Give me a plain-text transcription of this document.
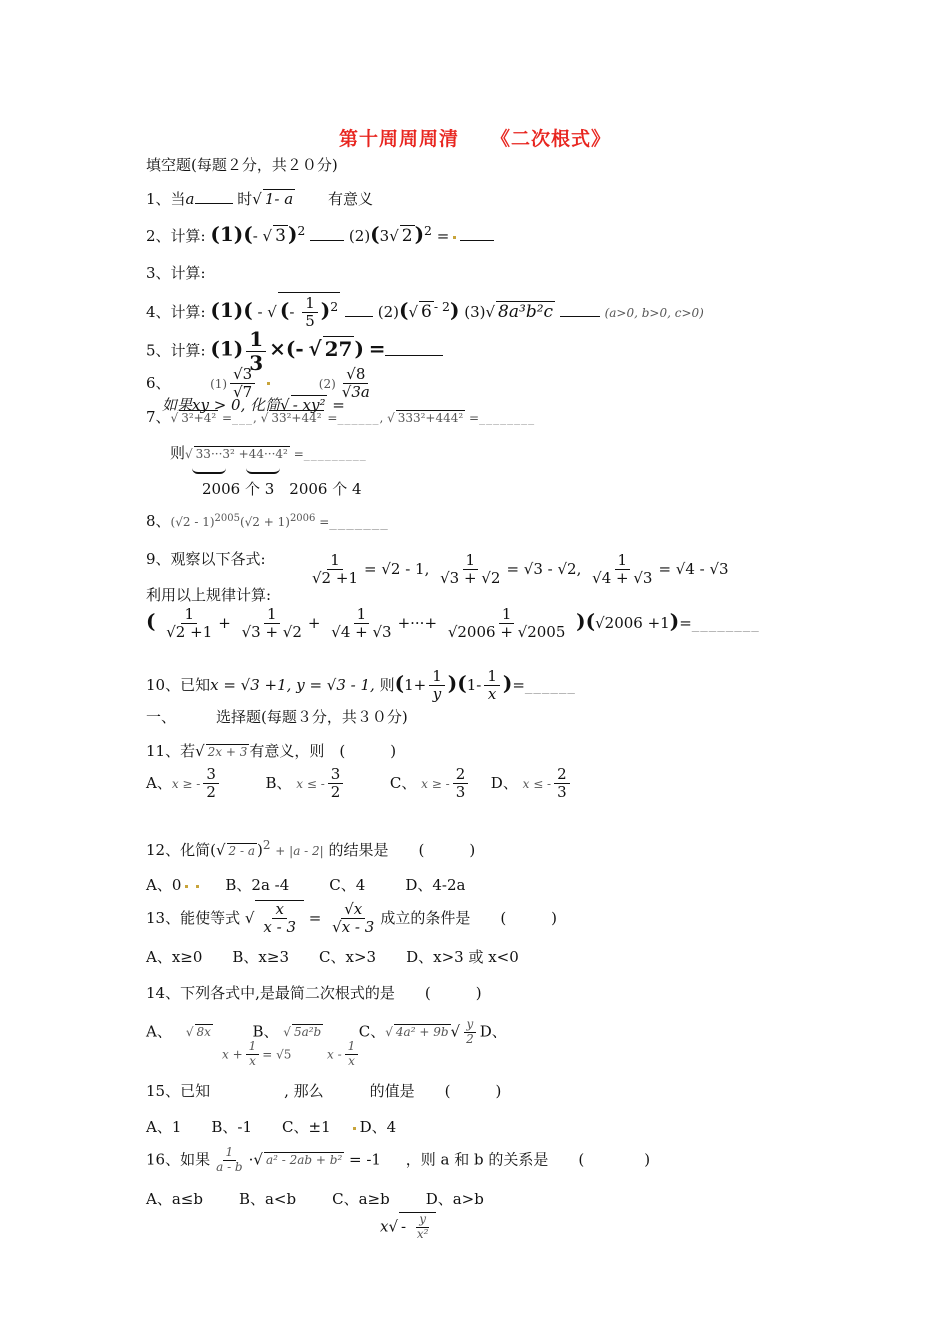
第十周周周清 《二次根式》
填空题(每题２分，共２０分)
1、当a	时√ 1- a 有意义
2、计算: (1)(- √ 3 )$^2$	(2)(3√ 2 )$^2$ =
3、计算:
4、计算: (1)( - √ (- $\frac{1}{5} )^2$	(2)(√ 6 $^{- 2}$) (3)√ 8a³b²c	(a>0, b>0, c>0)
5、计算: $(1) \frac{1}{3}$ ×(- √ 27 ) =
6、	$(1) \frac{√3}{√7}$	$(2) \frac{√8}{√3a}$
如果xy > 0, 化简√ - xy² =
7、√ 3²+4² =___, √ 33²+44² =______, √ 333²+444² =________
则√ 33···3² +44···4² =_________
2006 个 3　 2006 个 4
8、$(√2 - 1)^{2005}(√2 + 1)^{2006}$ =_______
9、观察以下各式:	$\frac{1}{√2 +1} = √2 - 1$, $\frac{1}{√3 + √2} = √3 - √2$, $\frac{1}{√4 + √3} = √4 - √3$
利用以上规律计算:
( $\frac{1}{√2 +1} + \frac{1}{√3 + √2} + \frac{1}{√4 + √3}$ +···+ $\frac{1}{√2006 + √2005} )(√2006$ +1)=________
10、已知x = √3 +1, y = √3 - 1, 则$(1+ \frac{1}{y} )(1- \frac{1}{x}$ )=______
一、	选择题(每题３分，共３０分)
11、若√ 2x + 3 有意义，则　(　　　)
A、x ≥ - $\frac{3}{2}$	B、 x ≤ - $\frac{3}{2}$	C、 x ≥ - $\frac{2}{3}$ D、 x ≤ - $\frac{2}{3}$
12、化简(√ 2 - a )$^2$ + |a - 2| 的结果是　　(　　　)
A、0	B、2a -4	C、4	D、4-2a
13、能使等式 √ $\frac{x}{x - 3} = \frac{√x}{√x - 3}$ 成立的条件是　　(　　　)
A、x≥0 B、x≥3 C、x>3 D、x>3 或 x<0
14、下列各式中,是最简二次根式的是　　(　　　)
A、 √ 8x	B、 √ 5a²b	C、√ 4a² + 9b √ $\frac{y}{2}$ D、
$x + \frac{1}{x} = √5$	x - $\frac{1}{x}$
15、已知	, 那么	的值是　　(　　　)
A、1 B、-1 C、±1 D、4
16、如果 $\frac{1}{a - b}$ ·√ a² - 2ab + b² = -1 ，则 a 和 b 的关系是　　(　　　　)
A、a≤b B、a<b C、a≥b D、a>b
$x√ - \frac{y}{\text{x²}}$
